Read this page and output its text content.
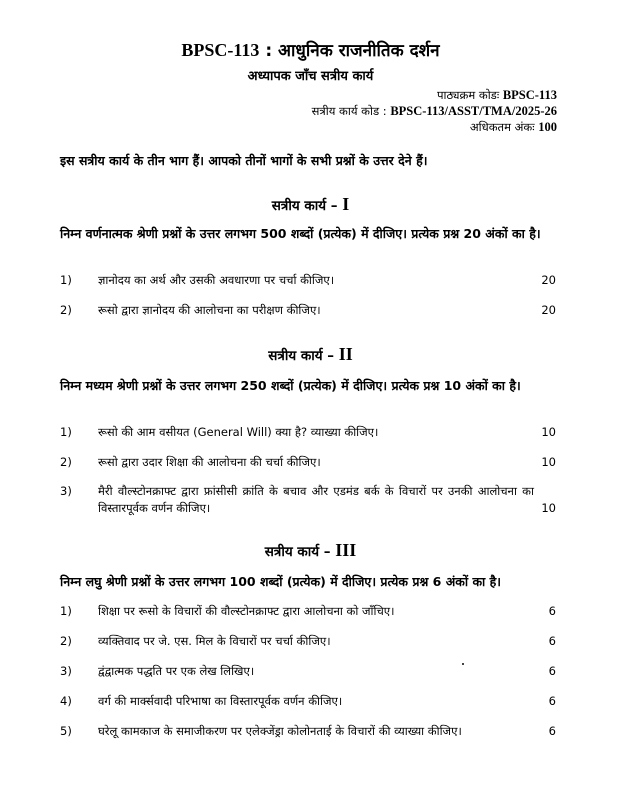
BPSC-113 : आधुनिक राजनीतिक दर्शन
अध्यापक जाँच सत्रीय कार्य
पाठ्यक्रम कोडः BPSC-113
सत्रीय कार्य कोड : BPSC-113/ASST/TMA/2025-26
अधिकतम अंकः 100
इस सत्रीय कार्य के तीन भाग हैं। आपको तीनों भागों के सभी प्रश्नों के उत्तर देने हैं।
सत्रीय कार्य – I
निम्न वर्णनात्मक श्रेणी प्रश्नों के उत्तर लगभग 500 शब्दों (प्रत्येक) में दीजिए। प्रत्येक प्रश्न 20 अंकों का है।
1) ज्ञानोदय का अर्थ और उसकी अवधारणा पर चर्चा कीजिए।	20
2) रूसो द्वारा ज्ञानोदय की आलोचना का परीक्षण कीजिए।	20
सत्रीय कार्य – II
निम्न मध्यम श्रेणी प्रश्नों के उत्तर लगभग 250 शब्दों (प्रत्येक) में दीजिए। प्रत्येक प्रश्न 10 अंकों का है।
1) रूसो की आम वसीयत (General Will) क्या है? व्याख्या कीजिए।	10
2) रूसो द्वारा उदार शिक्षा की आलोचना की चर्चा कीजिए।	10
3) मैरी वौल्स्टोनक्राफ्ट द्वारा फ्रांसीसी क्रांति के बचाव और एडमंड बर्क के विचारों पर उनकी आलोचना का विस्तारपूर्वक वर्णन कीजिए।	10
सत्रीय कार्य – III
निम्न लघु श्रेणी प्रश्नों के उत्तर लगभग 100 शब्दों (प्रत्येक) में दीजिए। प्रत्येक प्रश्न 6 अंकों का है।
1) शिक्षा पर रूसो के विचारों की वौल्स्टोनक्राफ्ट द्वारा आलोचना को जाँचिए।	6
2) व्यक्तिवाद पर जे. एस. मिल के विचारों पर चर्चा कीजिए।	6
3) द्वंद्वात्मक पद्धति पर एक लेख लिखिए।	6
4) वर्ग की मार्क्सवादी परिभाषा का विस्तारपूर्वक वर्णन कीजिए।	6
5) घरेलू कामकाज के समाजीकरण पर एलेक्जेंड्रा कोलोनताई के विचारों की व्याख्या कीजिए।	6
